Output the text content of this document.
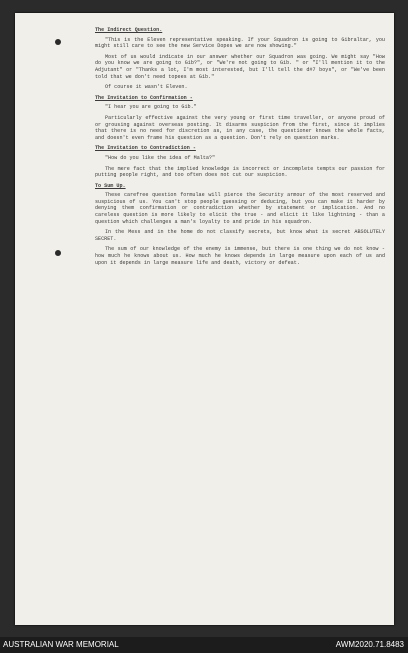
The Indirect Question.

"This is the Eleven representative speaking. If your Squadron is going to Gibraltar, you might still care to see the new Service Dopes we are now showing."

Most of us would indicate in our answer whether our Squadron was going. We might say "How do you know we are going to Gib?", or "We're not going to Gib. " or "I'll mention it to the Adjutant" or "Thanks a lot, I'm most interested, but I'll tell the d#7 boys", or "We've been told that we don't need topees at Gib."

Of course it wasn't Eleven.

The Invitation to Confirmation -

"I hear you are going to Gib."

Particularly effective against the very young or first time traveller, or anyone proud of or grousing against overseas posting. It disarms suspicion from the first, since it implies that there is no need for discretion as, in any case, the questioner knows the whole facts, and doesn't even frame his question as a question. Don't rely on question marks.

The Invitation to Contradiction -

"How do you like the idea of Malta?"

The mere fact that the implied knowledge is incorrect or incomplete tempts our passion for putting people right, and too often does not cut our suspicion.

To Sum Up.

These carefree question formulae will pierce the Security armour of the most reserved and suspicious of us. You can't stop people guessing or deducing, but you can make it harder by denying them confirmation or contradiction whether by statement or implication. And no careless question is more likely to elicit the true - and elicit it like lightning - than a question which challenges a man's loyalty to and pride in his squadron.

In the Mess and in the home do not classify secrets, but know what is secret ABSOLUTELY SECRET.

The sum of our knowledge of the enemy is immense, but there is one thing we do not know - how much he knows about us. How much he knows depends in large measure upon each of us and upon it depends in large measure life and death, victory or defeat.

AUSTRALIAN WAR MEMORIAL	AWM2020.71.8483
